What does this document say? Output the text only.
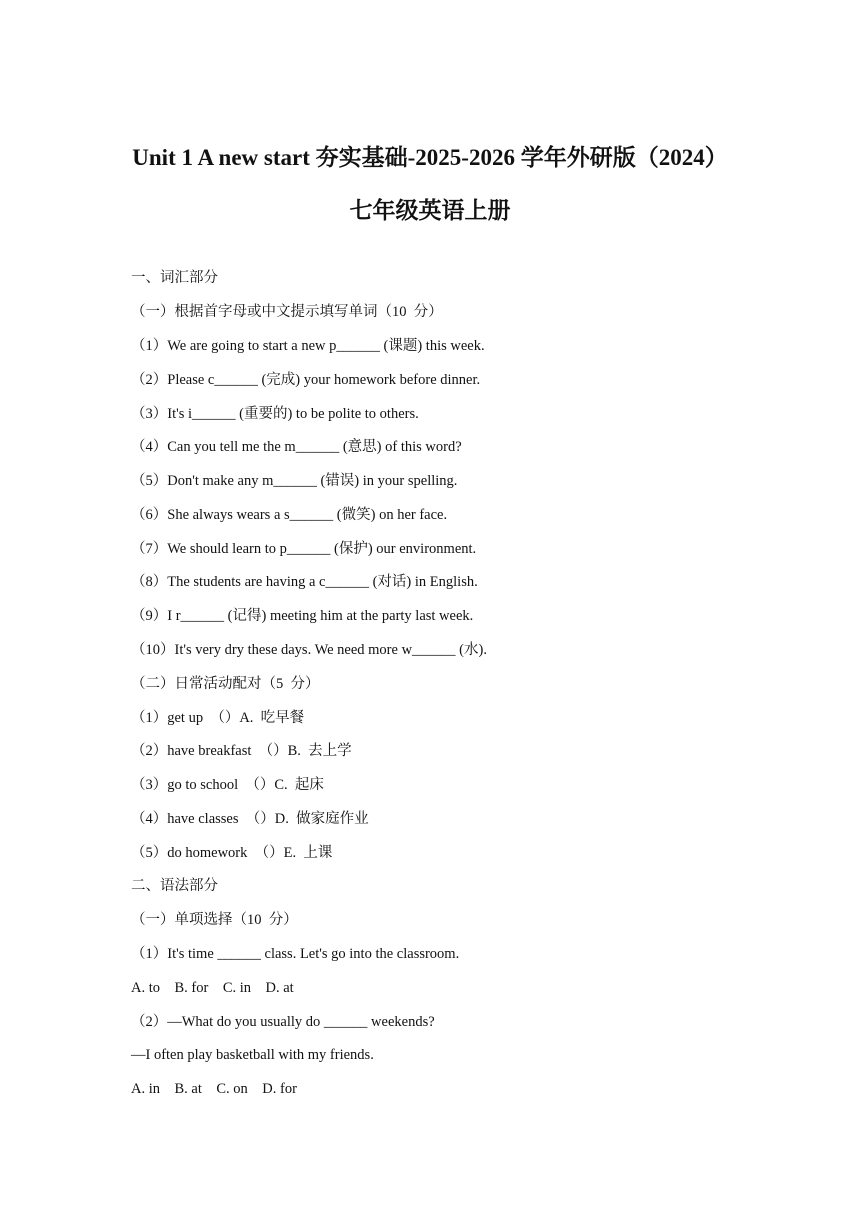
Unit 1 A new start 夯实基础-2025-2026 学年外研版（2024）
七年级英语上册

一、词汇部分

（一）根据首字母或中文提示填写单词（10  分）

（1）We are going to start a new p______ (课题) this week.

（2）Please c______ (完成) your homework before dinner.

（3）It's i______ (重要的) to be polite to others.

（4）Can you tell me the m______ (意思) of this word?

（5）Don't make any m______ (错误) in your spelling.

（6）She always wears a s______ (微笑) on her face.

（7）We should learn to p______ (保护) our environment.

（8）The students are having a c______ (对话) in English.

（9）I r______ (记得) meeting him at the party last week.

（10）It's very dry these days. We need more w______ (水).

（二）日常活动配对（5  分）

（1）get up  （）A.  吃早餐

（2）have breakfast  （）B.  去上学

（3）go to school  （）C.  起床

（4）have classes  （）D.  做家庭作业

（5）do homework  （）E.  上课

二、语法部分

（一）单项选择（10  分）

（1）It's time ______ class. Let's go into the classroom.

A. to    B. for    C. in    D. at

（2）—What do you usually do ______ weekends?

—I often play basketball with my friends.

A. in    B. at    C. on    D. for
